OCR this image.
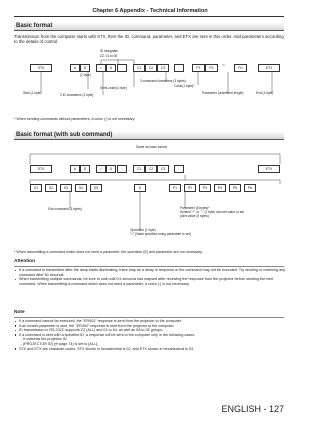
Chapter 6 Appendix - Technical Information
Basic format
Transmission from the computer starts with STX, then the ID, command, parameter, and ETX are sent in this order. Add parameters according to the details of control.
STX	A	D	I	D	;	C1	C2	C3	:	P1	P2	~	Pn	ETX
ID designate
ZZ, 01 to 06
(2 byte)
Start (1 byte)	2 ID characters (2 byte)
Semi-colon(1 byte)
3 command characters (3 bytes)
Colon(1 byte)*
Parameter (undefined length)	End (1 byte)
* When sending commands without parameters, a colon (:) is not necessary.
Basic format (with sub command)
Same as basic format
STX	A	D	I	D	;	C1	C2	C3	:	ETX
S1	S2	S3	S4	S5	E	P1	P2	P3	P4	P5	P6
Sub command (5 bytes)	Parameter (6 bytes)*
Symbol "+" or "-" (1 byte) and set value or set
point value (5 bytes)
Operation (1 byte)
"=" (Value specified using parameter is set)
* When transmitting a command which does not need a parameter, the operation (E) and parameter are not necessary.
Attention
If a command is transmitted after the lamp starts illuminating, there may be a delay in response or the command may not be executed. Try sending or receiving any command after 60 seconds.
When transmitting multiple commands, be sure to wait until 0.5 seconds has elapsed after receiving the response from the projector before sending the next command. When transmitting a command which does not need a parameter, a colon (:) is not necessary.
Note
If a command cannot be executed, the "ER401" response is sent from the projector to the computer.
If an invalid parameter is sent, the "ER402" response is sent from the projector to the computer.
ID transmission in RS-232C supports ZZ (ALL) and 01 to 64, as well as 0A to 0Z groups.
If a command is sent with a specified ID, a response will be sent to the computer only in the following cases.
- It matches the projector ID.
- [PROJECTOR ID] (➡ page 74) is set to [ALL].
STX and ETX are character codes. STX shown in hexadecimal is 02, and ETX shown in hexadecimal is 03.
ENGLISH - 127
